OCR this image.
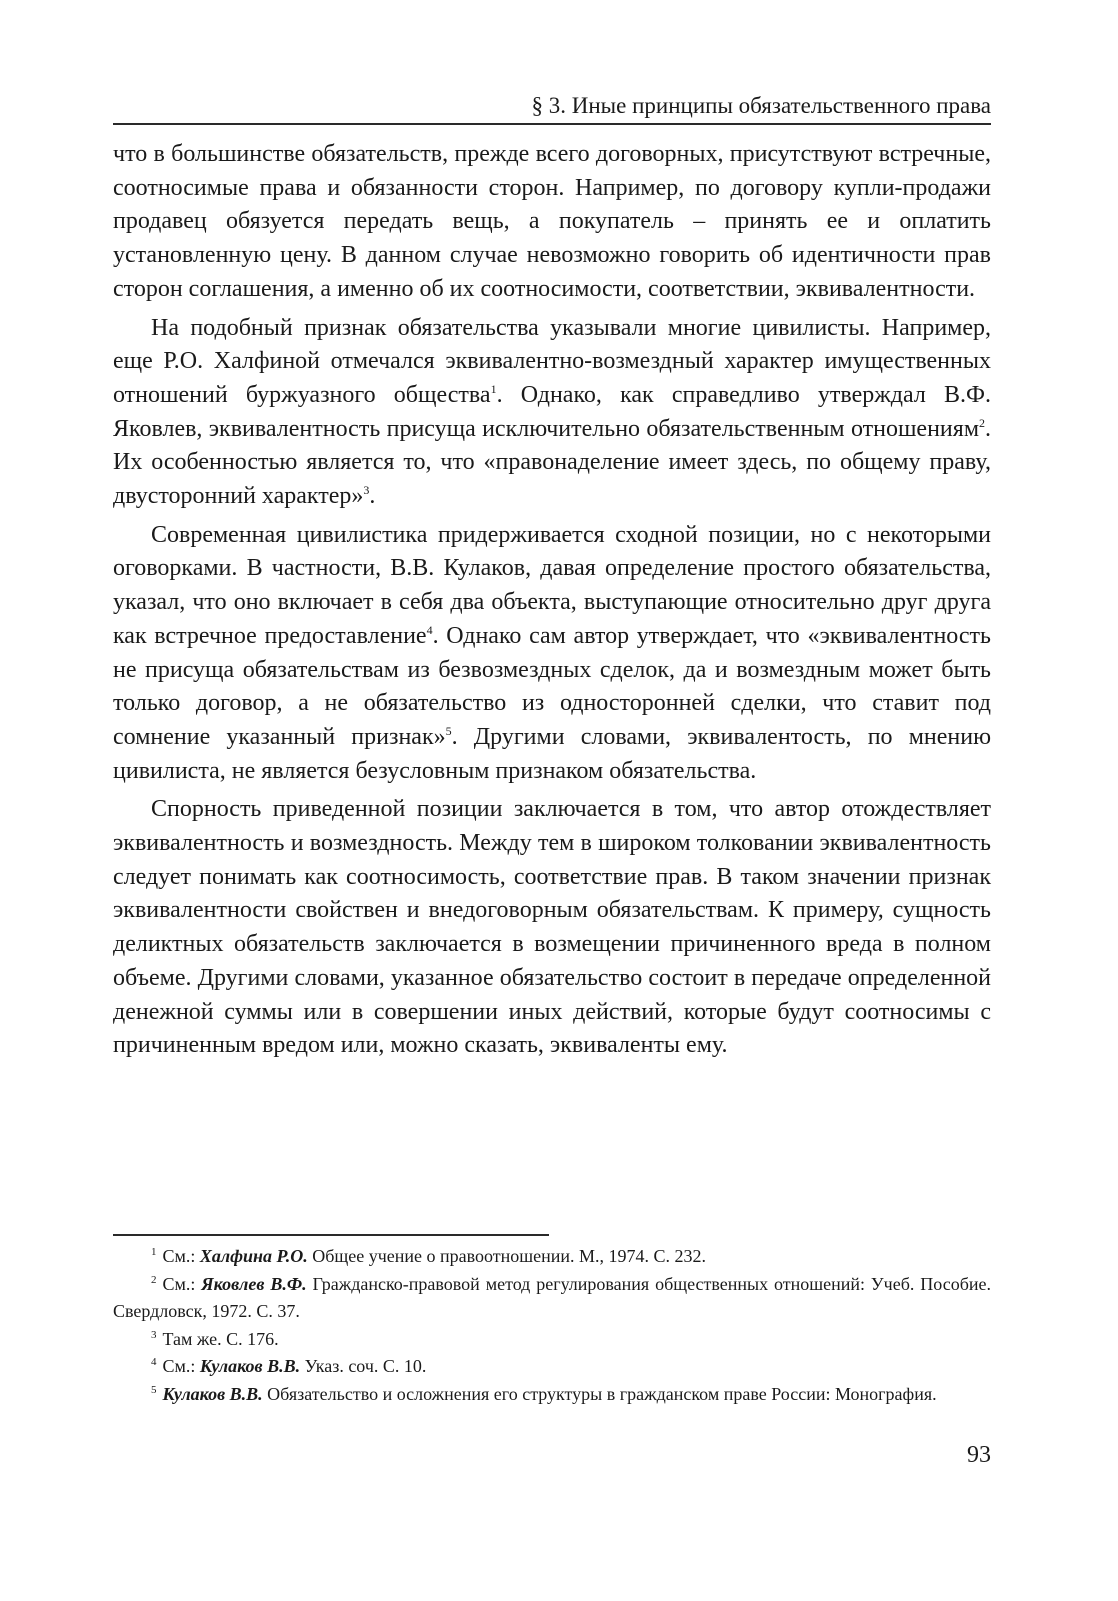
§ 3. Иные принципы обязательственного права

что в большинстве обязательств, прежде всего договорных, присутствуют встречные, соотносимые права и обязанности сторон. Например, по договору купли-продажи продавец обязуется передать вещь, а покупатель – принять ее и оплатить установленную цену. В данном случае невозможно говорить об идентичности прав сторон соглашения, а именно об их соотносимости, соответствии, эквивалентности.

На подобный признак обязательства указывали многие цивилисты. Например, еще Р.О. Халфиной отмечался эквивалентно-возмездный характер имущественных отношений буржуазного общества$^1$. Однако, как справедливо утверждал В.Ф. Яковлев, эквивалентность присуща исключительно обязательственным отношениям$^2$. Их особенностью является то, что «правонаделение имеет здесь, по общему праву, двусторонний характер»$^3$.

Современная цивилистика придерживается сходной позиции, но с некоторыми оговорками. В частности, В.В. Кулаков, давая определение простого обязательства, указал, что оно включает в себя два объекта, выступающие относительно друг друга как встречное предоставление$^4$. Однако сам автор утверждает, что «эквивалентность не присуща обязательствам из безвозмездных сделок, да и возмездным может быть только договор, а не обязательство из односторонней сделки, что ставит под сомнение указанный признак»$^5$. Другими словами, эквивалентость, по мнению цивилиста, не является безусловным признаком обязательства.

Спорность приведенной позиции заключается в том, что автор отождествляет эквивалентность и возмездность. Между тем в широком толковании эквивалентность следует понимать как соотносимость, соответствие прав. В таком значении признак эквивалентности свойствен и внедоговорным обязательствам. К примеру, сущность деликтных обязательств заключается в возмещении причиненного вреда в полном объеме. Другими словами, указанное обязательство состоит в передаче определенной денежной суммы или в совершении иных действий, которые будут соотносимы с причиненным вредом или, можно сказать, эквиваленты ему.

$^1$ См.: Халфина Р.О. Общее учение о правоотношении. М., 1974. С. 232.

$^2$ См.: Яковлев В.Ф. Гражданско-правовой метод регулирования общественных отношений: Учеб. Пособие. Свердловск, 1972. С. 37.

$^3$ Там же. С. 176.

$^4$ См.: Кулаков В.В. Указ. соч. С. 10.

$^5$ Кулаков В.В. Обязательство и осложнения его структуры в гражданском праве России: Монография.

93
